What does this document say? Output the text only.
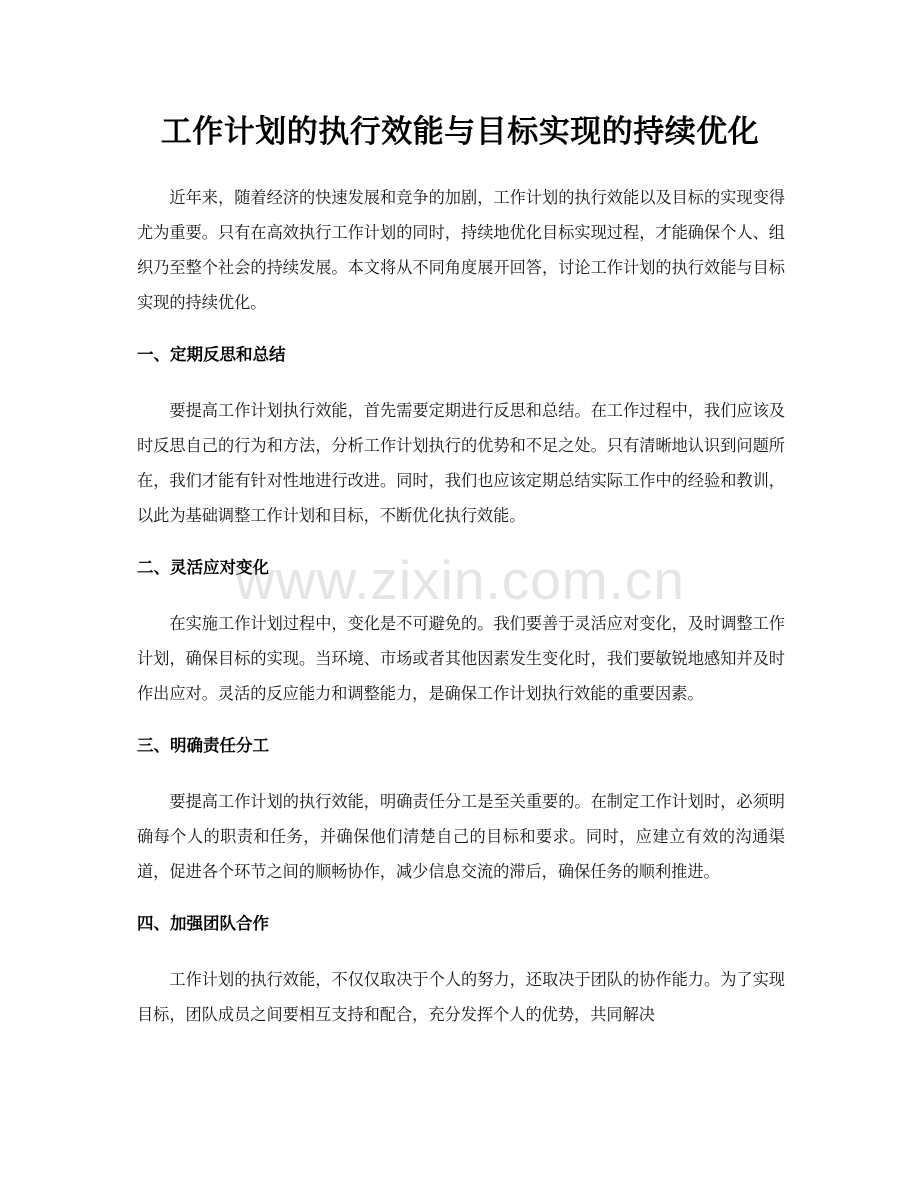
工作计划的执行效能与目标实现的持续优化

近年来，随着经济的快速发展和竞争的加剧，工作计划的执行效能以及目标的实现变得尤为重要。只有在高效执行工作计划的同时，持续地优化目标实现过程，才能确保个人、组织乃至整个社会的持续发展。本文将从不同角度展开回答，讨论工作计划的执行效能与目标实现的持续优化。

一、定期反思和总结

要提高工作计划执行效能，首先需要定期进行反思和总结。在工作过程中，我们应该及时反思自己的行为和方法，分析工作计划执行的优势和不足之处。只有清晰地认识到问题所在，我们才能有针对性地进行改进。同时，我们也应该定期总结实际工作中的经验和教训，以此为基础调整工作计划和目标，不断优化执行效能。

二、灵活应对变化

在实施工作计划过程中，变化是不可避免的。我们要善于灵活应对变化，及时调整工作计划，确保目标的实现。当环境、市场或者其他因素发生变化时，我们要敏锐地感知并及时作出应对。灵活的反应能力和调整能力，是确保工作计划执行效能的重要因素。

三、明确责任分工

要提高工作计划的执行效能，明确责任分工是至关重要的。在制定工作计划时，必须明确每个人的职责和任务，并确保他们清楚自己的目标和要求。同时，应建立有效的沟通渠道，促进各个环节之间的顺畅协作，减少信息交流的滞后，确保任务的顺利推进。

四、加强团队合作

工作计划的执行效能，不仅仅取决于个人的努力，还取决于团队的协作能力。为了实现目标，团队成员之间要相互支持和配合，充分发挥个人的优势，共同解决

www.zixin.com.cn
